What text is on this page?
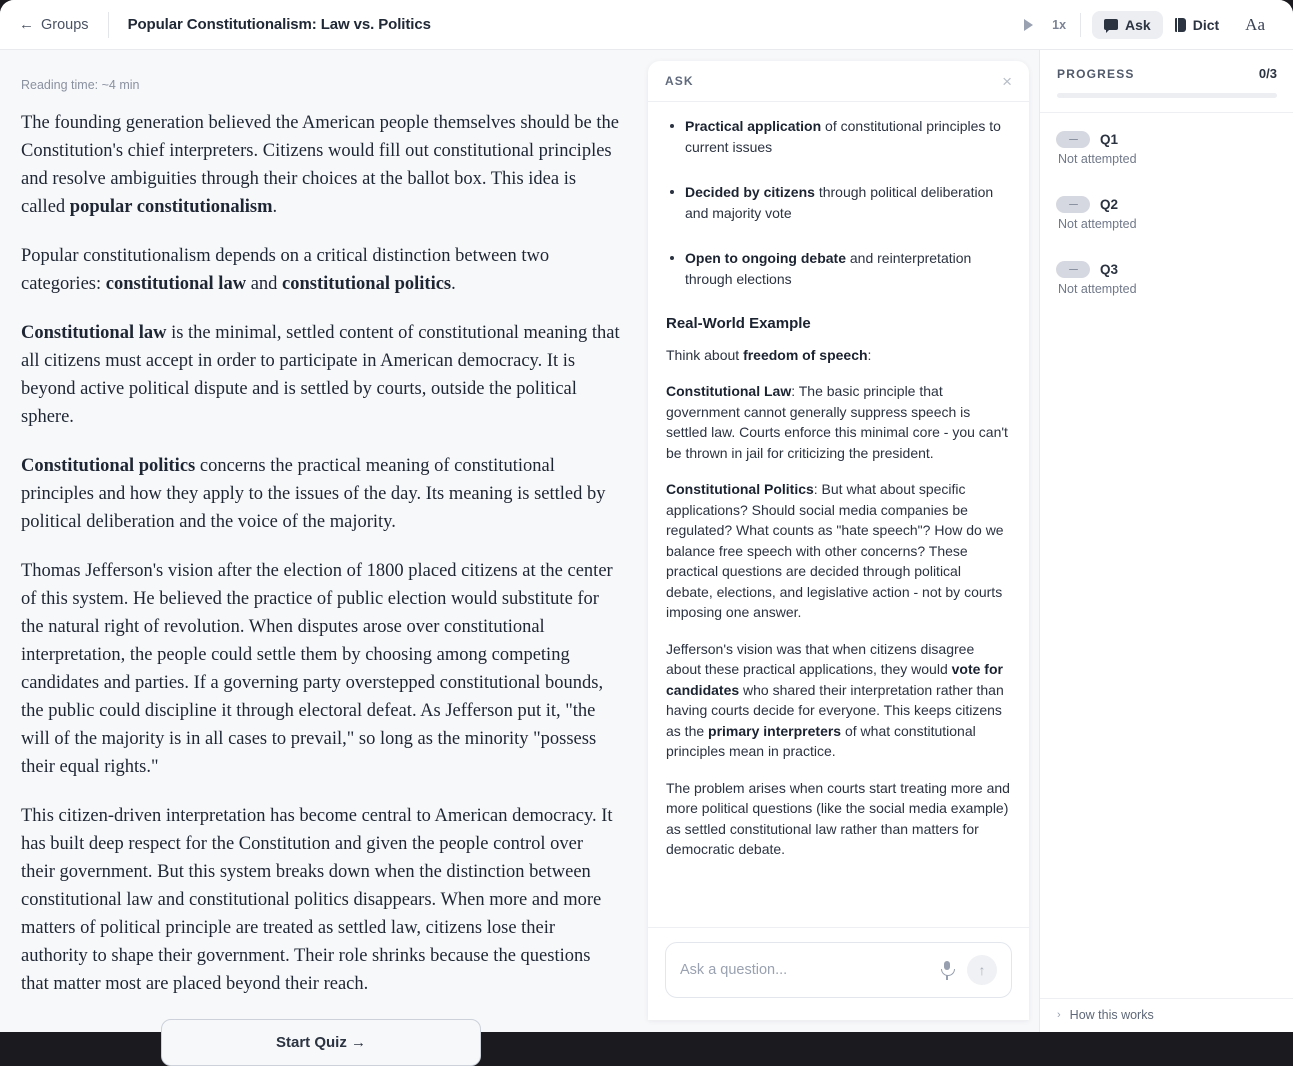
← Groups	Popular Constitutionalism: Law vs. Politics	1x	Ask	Dict	Aa
Reading time: ~4 min

The founding generation believed the American people themselves should be the Constitution's chief interpreters. Citizens would fill out constitutional principles and resolve ambiguities through their choices at the ballot box. This idea is called popular constitutionalism.

Popular constitutionalism depends on a critical distinction between two categories: constitutional law and constitutional politics.

Constitutional law is the minimal, settled content of constitutional meaning that all citizens must accept in order to participate in American democracy. It is beyond active political dispute and is settled by courts, outside the political sphere.

Constitutional politics concerns the practical meaning of constitutional principles and how they apply to the issues of the day. Its meaning is settled by political deliberation and the voice of the majority.

Thomas Jefferson's vision after the election of 1800 placed citizens at the center of this system. He believed the practice of public election would substitute for the natural right of revolution. When disputes arose over constitutional interpretation, the people could settle them by choosing among competing candidates and parties. If a governing party overstepped constitutional bounds, the public could discipline it through electoral defeat. As Jefferson put it, "the will of the majority is in all cases to prevail," so long as the minority "possess their equal rights."

This citizen-driven interpretation has become central to American democracy. It has built deep respect for the Constitution and given the people control over their government. But this system breaks down when the distinction between constitutional law and constitutional politics disappears. When more and more matters of political principle are treated as settled law, citizens lose their authority to shape their government. Their role shrinks because the questions that matter most are placed beyond their reach.

Start Quiz →
ASK	×
Practical application of constitutional principles to current issues
Decided by citizens through political deliberation and majority vote
Open to ongoing debate and reinterpretation through elections
Real-World Example

Think about freedom of speech:

Constitutional Law: The basic principle that government cannot generally suppress speech is settled law. Courts enforce this minimal core - you can't be thrown in jail for criticizing the president.

Constitutional Politics: But what about specific applications? Should social media companies be regulated? What counts as "hate speech"? How do we balance free speech with other concerns? These practical questions are decided through political debate, elections, and legislative action - not by courts imposing one answer.

Jefferson's vision was that when citizens disagree about these practical applications, they would vote for candidates who shared their interpretation rather than having courts decide for everyone. This keeps citizens as the primary interpreters of what constitutional principles mean in practice.

The problem arises when courts start treating more and more political questions (like the social media example) as settled constitutional law rather than matters for democratic debate.

Ask a question...
↑
PROGRESS	0/3
Q1
Not attempted
Q2
Not attempted
Q3
Not attempted
› How this works
